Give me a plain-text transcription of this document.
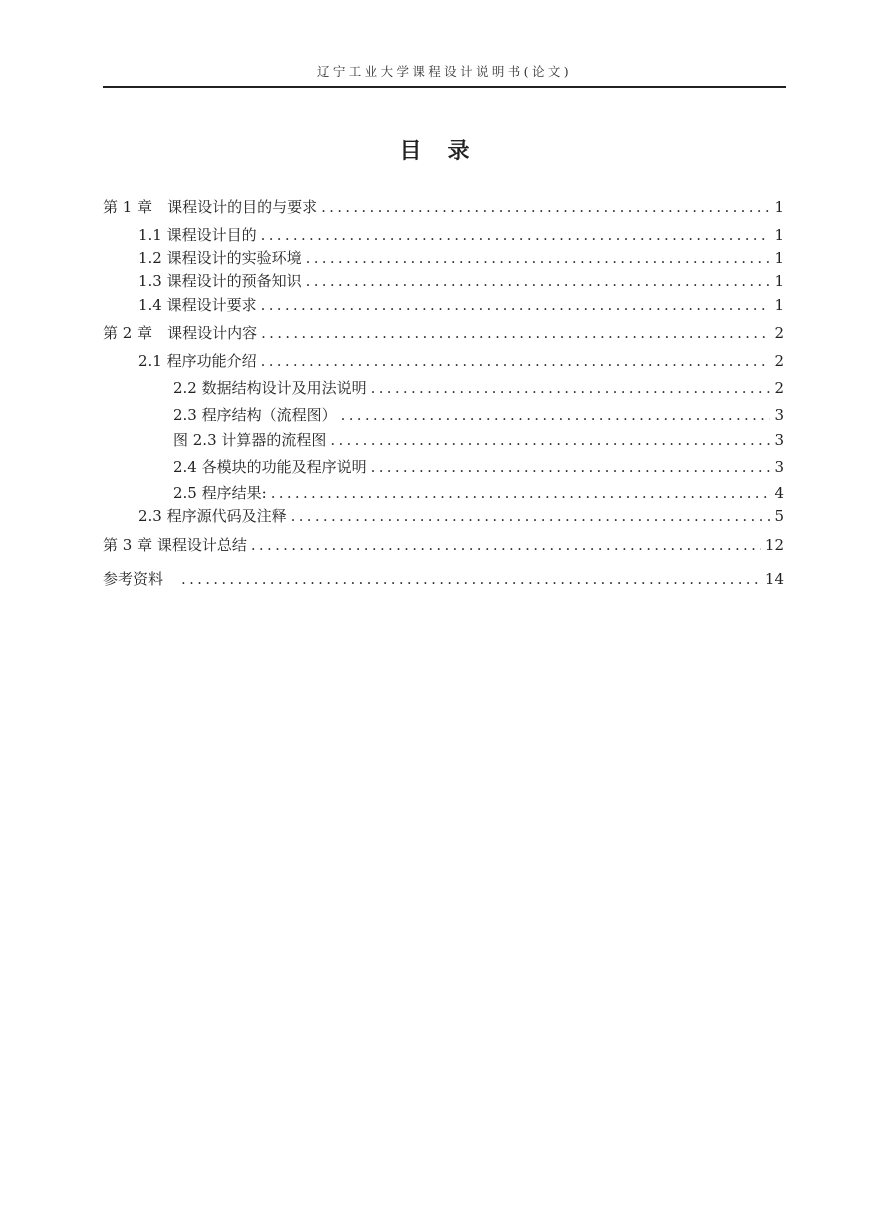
辽宁工业大学课程设计说明书(论文)
目录
第 1 章　课程设计的目的与要求 .....	1
1.1 课程设计目的 .....	1
1.2 课程设计的实验环境 .....	1
1.3 课程设计的预备知识 .....	1
1.4 课程设计要求 .....	1
第 2 章　课程设计内容 .....	2
2.1 程序功能介绍 .....	2
2.2 数据结构设计及用法说明 .....	2
2.3 程序结构（流程图） .....	3
图 2.3 计算器的流程图 .....	3
2.4 各模块的功能及程序说明 .....	3
2.5 程序结果: .....	4
2.3 程序源代码及注释 .....	5
第 3 章 课程设计总结 .....	12
参考资料 .....	14
